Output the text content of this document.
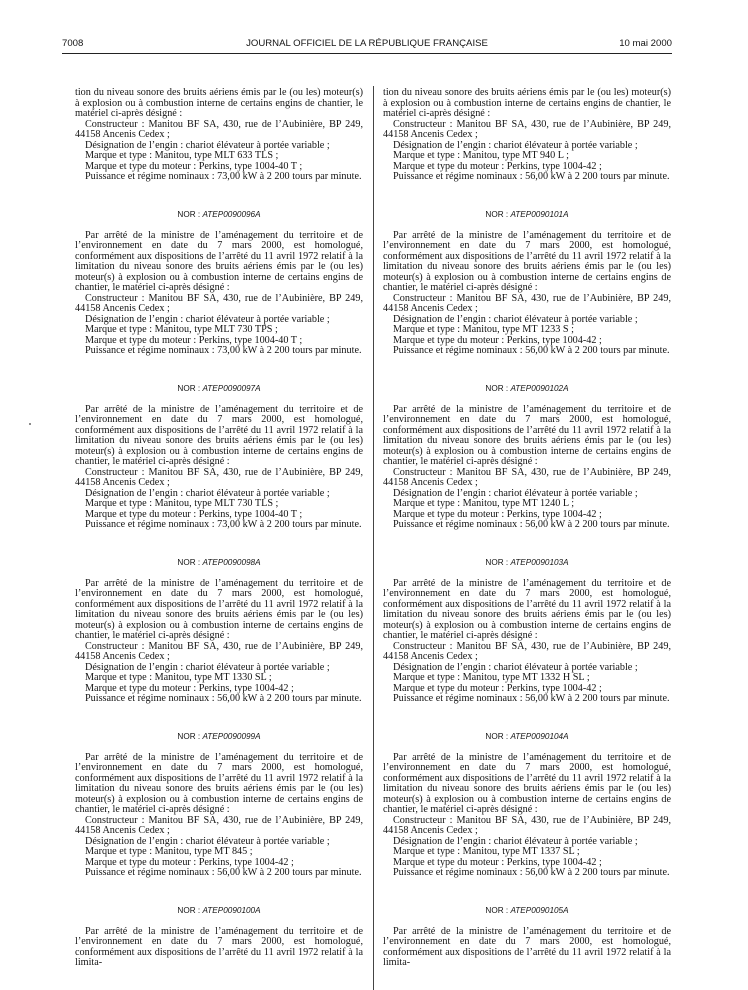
7008	JOURNAL OFFICIEL DE LA RÉPUBLIQUE FRANÇAISE	10 mai 2000

tion du niveau sonore des bruits aériens émis par le (ou les) moteur(s) à explosion ou à combustion interne de certains engins de chantier, le matériel ci-après désigné :

Constructeur : Manitou BF SA, 430, rue de l’Aubinière, BP 249, 44158 Ancenis Cedex ;

Désignation de l’engin : chariot élévateur à portée variable ;

Marque et type : Manitou, type MLT 633 TLS ;

Marque et type du moteur : Perkins, type 1004-40 T ;

Puissance et régime nominaux : 73,00 kW à 2 200 tours par minute.

NOR : ATEP0090096A

Par arrêté de la ministre de l’aménagement du territoire et de l’environnement en date du 7 mars 2000, est homologué, conformément aux dispositions de l’arrêté du 11 avril 1972 relatif à la limitation du niveau sonore des bruits aériens émis par le (ou les) moteur(s) à explosion ou à combustion interne de certains engins de chantier, le matériel ci-après désigné :

Constructeur : Manitou BF SA, 430, rue de l’Aubinière, BP 249, 44158 Ancenis Cedex ;

Désignation de l’engin : chariot élévateur à portée variable ;

Marque et type : Manitou, type MLT 730 TPS ;

Marque et type du moteur : Perkins, type 1004-40 T ;

Puissance et régime nominaux : 73,00 kW à 2 200 tours par minute.

NOR : ATEP0090097A

Par arrêté de la ministre de l’aménagement du territoire et de l’environnement en date du 7 mars 2000, est homologué, conformément aux dispositions de l’arrêté du 11 avril 1972 relatif à la limitation du niveau sonore des bruits aériens émis par le (ou les) moteur(s) à explosion ou à combustion interne de certains engins de chantier, le matériel ci-après désigné :

Constructeur : Manitou BF SA, 430, rue de l’Aubinière, BP 249, 44158 Ancenis Cedex ;

Désignation de l’engin : chariot élévateur à portée variable ;

Marque et type : Manitou, type MLT 730 TLS ;

Marque et type du moteur : Perkins, type 1004-40 T ;

Puissance et régime nominaux : 73,00 kW à 2 200 tours par minute.

NOR : ATEP0090098A

Par arrêté de la ministre de l’aménagement du territoire et de l’environnement en date du 7 mars 2000, est homologué, conformément aux dispositions de l’arrêté du 11 avril 1972 relatif à la limitation du niveau sonore des bruits aériens émis par le (ou les) moteur(s) à explosion ou à combustion interne de certains engins de chantier, le matériel ci-après désigné :

Constructeur : Manitou BF SA, 430, rue de l’Aubinière, BP 249, 44158 Ancenis Cedex ;

Désignation de l’engin : chariot élévateur à portée variable ;

Marque et type : Manitou, type MT 1330 SL ;

Marque et type du moteur : Perkins, type 1004-42 ;

Puissance et régime nominaux : 56,00 kW à 2 200 tours par minute.

NOR : ATEP0090099A

Par arrêté de la ministre de l’aménagement du territoire et de l’environnement en date du 7 mars 2000, est homologué, conformément aux dispositions de l’arrêté du 11 avril 1972 relatif à la limitation du niveau sonore des bruits aériens émis par le (ou les) moteur(s) à explosion ou à combustion interne de certains engins de chantier, le matériel ci-après désigné :

Constructeur : Manitou BF SA, 430, rue de l’Aubinière, BP 249, 44158 Ancenis Cedex ;

Désignation de l’engin : chariot élévateur à portée variable ;

Marque et type : Manitou, type MT 845 ;

Marque et type du moteur : Perkins, type 1004-42 ;

Puissance et régime nominaux : 56,00 kW à 2 200 tours par minute.

NOR : ATEP0090100A

Par arrêté de la ministre de l’aménagement du territoire et de l’environnement en date du 7 mars 2000, est homologué, conformément aux dispositions de l’arrêté du 11 avril 1972 relatif à la limita-

tion du niveau sonore des bruits aériens émis par le (ou les) moteur(s) à explosion ou à combustion interne de certains engins de chantier, le matériel ci-après désigné :

Constructeur : Manitou BF SA, 430, rue de l’Aubinière, BP 249, 44158 Ancenis Cedex ;

Désignation de l’engin : chariot élévateur à portée variable ;

Marque et type : Manitou, type MT 940 L ;

Marque et type du moteur : Perkins, type 1004-42 ;

Puissance et régime nominaux : 56,00 kW à 2 200 tours par minute.

NOR : ATEP0090101A

Par arrêté de la ministre de l’aménagement du territoire et de l’environnement en date du 7 mars 2000, est homologué, conformément aux dispositions de l’arrêté du 11 avril 1972 relatif à la limitation du niveau sonore des bruits aériens émis par le (ou les) moteur(s) à explosion ou à combustion interne de certains engins de chantier, le matériel ci-après désigné :

Constructeur : Manitou BF SA, 430, rue de l’Aubinière, BP 249, 44158 Ancenis Cedex ;

Désignation de l’engin : chariot élévateur à portée variable ;

Marque et type : Manitou, type MT 1233 S ;

Marque et type du moteur : Perkins, type 1004-42 ;

Puissance et régime nominaux : 56,00 kW à 2 200 tours par minute.

NOR : ATEP0090102A

Par arrêté de la ministre de l’aménagement du territoire et de l’environnement en date du 7 mars 2000, est homologué, conformément aux dispositions de l’arrêté du 11 avril 1972 relatif à la limitation du niveau sonore des bruits aériens émis par le (ou les) moteur(s) à explosion ou à combustion interne de certains engins de chantier, le matériel ci-après désigné :

Constructeur : Manitou BF SA, 430, rue de l’Aubinière, BP 249, 44158 Ancenis Cedex ;

Désignation de l’engin : chariot élévateur à portée variable ;

Marque et type : Manitou, type MT 1240 L ;

Marque et type du moteur : Perkins, type 1004-42 ;

Puissance et régime nominaux : 56,00 kW à 2 200 tours par minute.

NOR : ATEP0090103A

Par arrêté de la ministre de l’aménagement du territoire et de l’environnement en date du 7 mars 2000, est homologué, conformément aux dispositions de l’arrêté du 11 avril 1972 relatif à la limitation du niveau sonore des bruits aériens émis par le (ou les) moteur(s) à explosion ou à combustion interne de certains engins de chantier, le matériel ci-après désigné :

Constructeur : Manitou BF SA, 430, rue de l’Aubinière, BP 249, 44158 Ancenis Cedex ;

Désignation de l’engin : chariot élévateur à portée variable ;

Marque et type : Manitou, type MT 1332 H SL ;

Marque et type du moteur : Perkins, type 1004-42 ;

Puissance et régime nominaux : 56,00 kW à 2 200 tours par minute.

NOR : ATEP0090104A

Par arrêté de la ministre de l’aménagement du territoire et de l’environnement en date du 7 mars 2000, est homologué, conformément aux dispositions de l’arrêté du 11 avril 1972 relatif à la limitation du niveau sonore des bruits aériens émis par le (ou les) moteur(s) à explosion ou à combustion interne de certains engins de chantier, le matériel ci-après désigné :

Constructeur : Manitou BF SA, 430, rue de l’Aubinière, BP 249, 44158 Ancenis Cedex ;

Désignation de l’engin : chariot élévateur à portée variable ;

Marque et type : Manitou, type MT 1337 SL ;

Marque et type du moteur : Perkins, type 1004-42 ;

Puissance et régime nominaux : 56,00 kW à 2 200 tours par minute.

NOR : ATEP0090105A

Par arrêté de la ministre de l’aménagement du territoire et de l’environnement en date du 7 mars 2000, est homologué, conformément aux dispositions de l’arrêté du 11 avril 1972 relatif à la limita-
